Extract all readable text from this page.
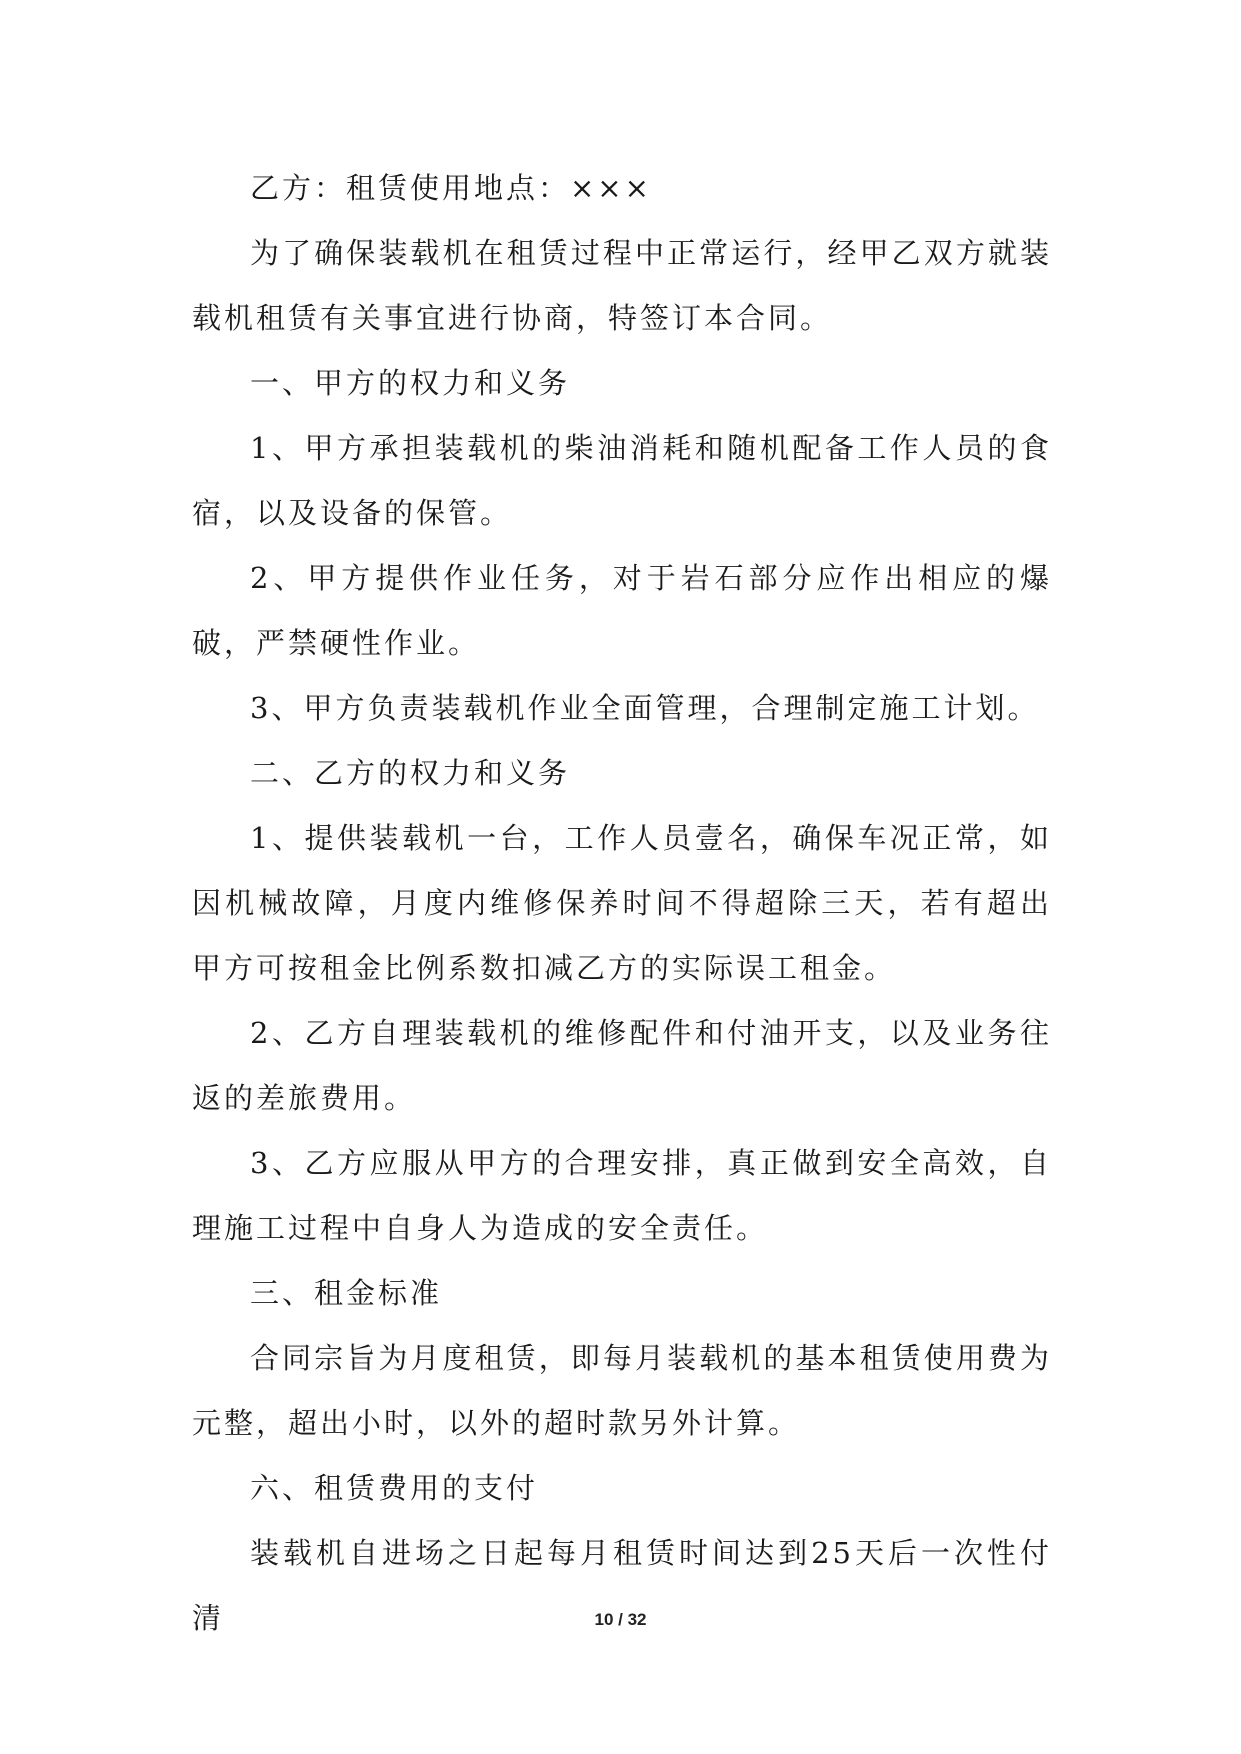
乙方：租赁使用地点：×××

为了确保装载机在租赁过程中正常运行，经甲乙双方就装载机租赁有关事宜进行协商，特签订本合同。

一、甲方的权力和义务

1、甲方承担装载机的柴油消耗和随机配备工作人员的食宿，以及设备的保管。

2、甲方提供作业任务，对于岩石部分应作出相应的爆破，严禁硬性作业。

3、甲方负责装载机作业全面管理，合理制定施工计划。

二、乙方的权力和义务

1、提供装载机一台，工作人员壹名，确保车况正常，如因机械故障，月度内维修保养时间不得超除三天，若有超出甲方可按租金比例系数扣减乙方的实际误工租金。

2、乙方自理装载机的维修配件和付油开支，以及业务往返的差旅费用。

3、乙方应服从甲方的合理安排，真正做到安全高效，自理施工过程中自身人为造成的安全责任。

三、租金标准

合同宗旨为月度租赁，即每月装载机的基本租赁使用费为元整，超出小时，以外的超时款另外计算。

六、租赁费用的支付

装载机自进场之日起每月租赁时间达到25天后一次性付清	10 / 32
